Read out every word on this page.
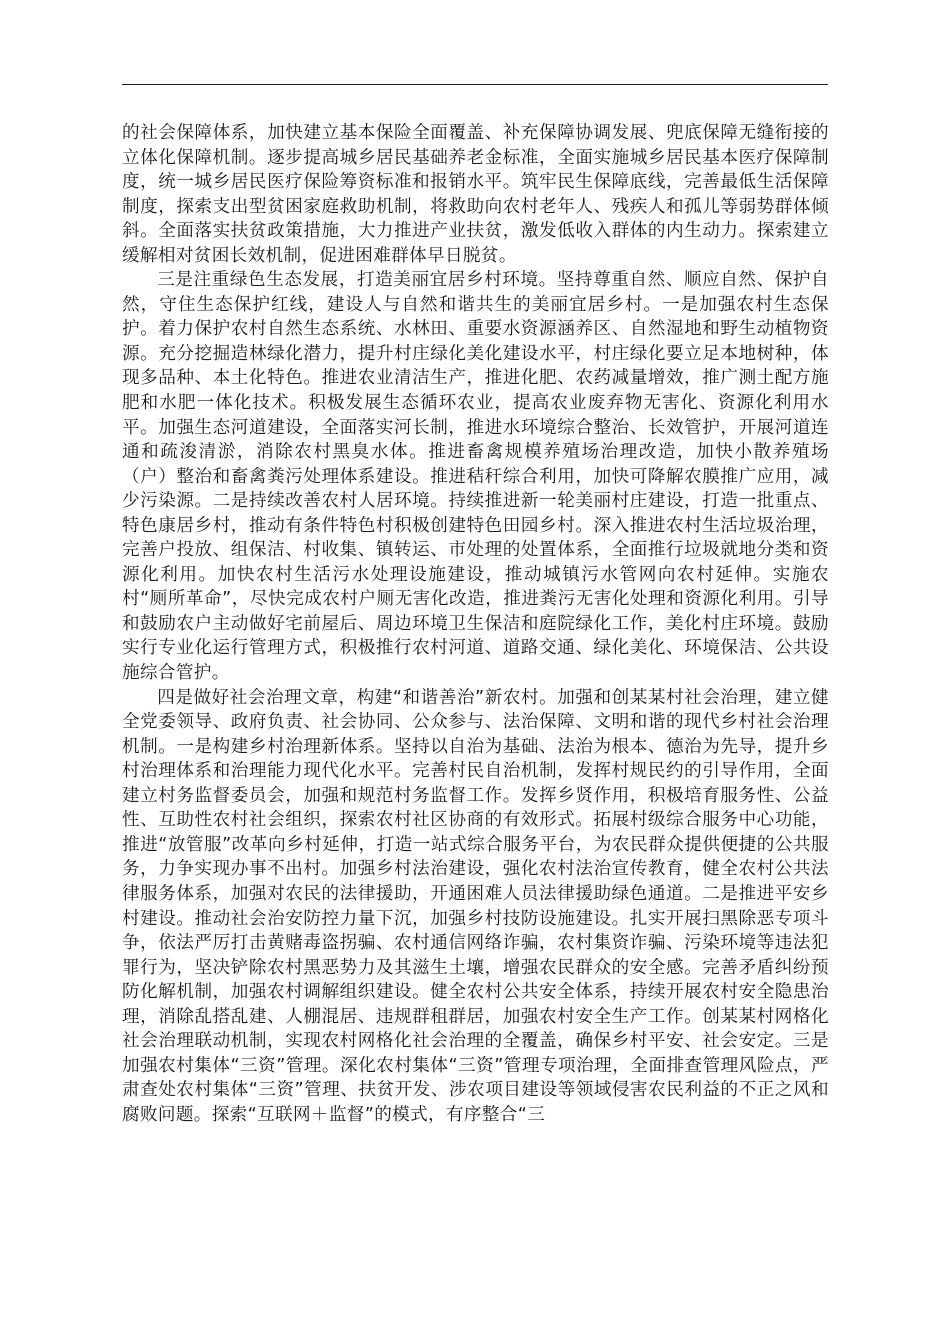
的社会保障体系，加快建立基本保险全面覆盖、补充保障协调发展、兜底保障无缝衔接的立体化保障机制。逐步提高城乡居民基础养老金标准，全面实施城乡居民基本医疗保障制度，统一城乡居民医疗保险筹资标准和报销水平。筑牢民生保障底线，完善最低生活保障制度，探索支出型贫困家庭救助机制，将救助向农村老年人、残疾人和孤儿等弱势群体倾斜。全面落实扶贫政策措施，大力推进产业扶贫，激发低收入群体的内生动力。探索建立缓解相对贫困长效机制，促进困难群体早日脱贫。

三是注重绿色生态发展，打造美丽宜居乡村环境。坚持尊重自然、顺应自然、保护自然，守住生态保护红线，建设人与自然和谐共生的美丽宜居乡村。一是加强农村生态保护。着力保护农村自然生态系统、水林田、重要水资源涵养区、自然湿地和野生动植物资源。充分挖掘造林绿化潜力，提升村庄绿化美化建设水平，村庄绿化要立足本地树种，体现多品种、本土化特色。推进农业清洁生产，推进化肥、农药减量增效，推广测土配方施肥和水肥一体化技术。积极发展生态循环农业，提高农业废弃物无害化、资源化利用水平。加强生态河道建设，全面落实河长制，推进水环境综合整治、长效管护，开展河道连通和疏浚清淤，消除农村黑臭水体。推进畜禽规模养殖场治理改造，加快小散养殖场（户）整治和畜禽粪污处理体系建设。推进秸秆综合利用，加快可降解农膜推广应用，减少污染源。二是持续改善农村人居环境。持续推进新一轮美丽村庄建设，打造一批重点、特色康居乡村，推动有条件特色村积极创建特色田园乡村。深入推进农村生活垃圾治理，完善户投放、组保洁、村收集、镇转运、市处理的处置体系，全面推行垃圾就地分类和资源化利用。加快农村生活污水处理设施建设，推动城镇污水管网向农村延伸。实施农村“厕所革命”，尽快完成农村户厕无害化改造，推进粪污无害化处理和资源化利用。引导和鼓励农户主动做好宅前屋后、周边环境卫生保洁和庭院绿化工作，美化村庄环境。鼓励实行专业化运行管理方式，积极推行农村河道、道路交通、绿化美化、环境保洁、公共设施综合管护。

四是做好社会治理文章，构建“和谐善治”新农村。加强和创某某村社会治理，建立健全党委领导、政府负责、社会协同、公众参与、法治保障、文明和谐的现代乡村社会治理机制。一是构建乡村治理新体系。坚持以自治为基础、法治为根本、德治为先导，提升乡村治理体系和治理能力现代化水平。完善村民自治机制，发挥村规民约的引导作用，全面建立村务监督委员会，加强和规范村务监督工作。发挥乡贤作用，积极培育服务性、公益性、互助性农村社会组织，探索农村社区协商的有效形式。拓展村级综合服务中心功能，推进“放管服”改革向乡村延伸，打造一站式综合服务平台，为农民群众提供便捷的公共服务，力争实现办事不出村。加强乡村法治建设，强化农村法治宣传教育，健全农村公共法律服务体系，加强对农民的法律援助，开通困难人员法律援助绿色通道。二是推进平安乡村建设。推动社会治安防控力量下沉，加强乡村技防设施建设。扎实开展扫黑除恶专项斗争，依法严厉打击黄赌毒盗拐骗、农村通信网络诈骗，农村集资诈骗、污染环境等违法犯罪行为，坚决铲除农村黑恶势力及其滋生土壤，增强农民群众的安全感。完善矛盾纠纷预防化解机制，加强农村调解组织建设。健全农村公共安全体系，持续开展农村安全隐患治理，消除乱搭乱建、人棚混居、违规群租群居，加强农村安全生产工作。创某某村网格化社会治理联动机制，实现农村网格化社会治理的全覆盖，确保乡村平安、社会安定。三是加强农村集体“三资”管理。深化农村集体“三资”管理专项治理，全面排查管理风险点，严肃查处农村集体“三资”管理、扶贫开发、涉农项目建设等领域侵害农民利益的不正之风和腐败问题。探索“互联网＋监督”的模式，有序整合“三
